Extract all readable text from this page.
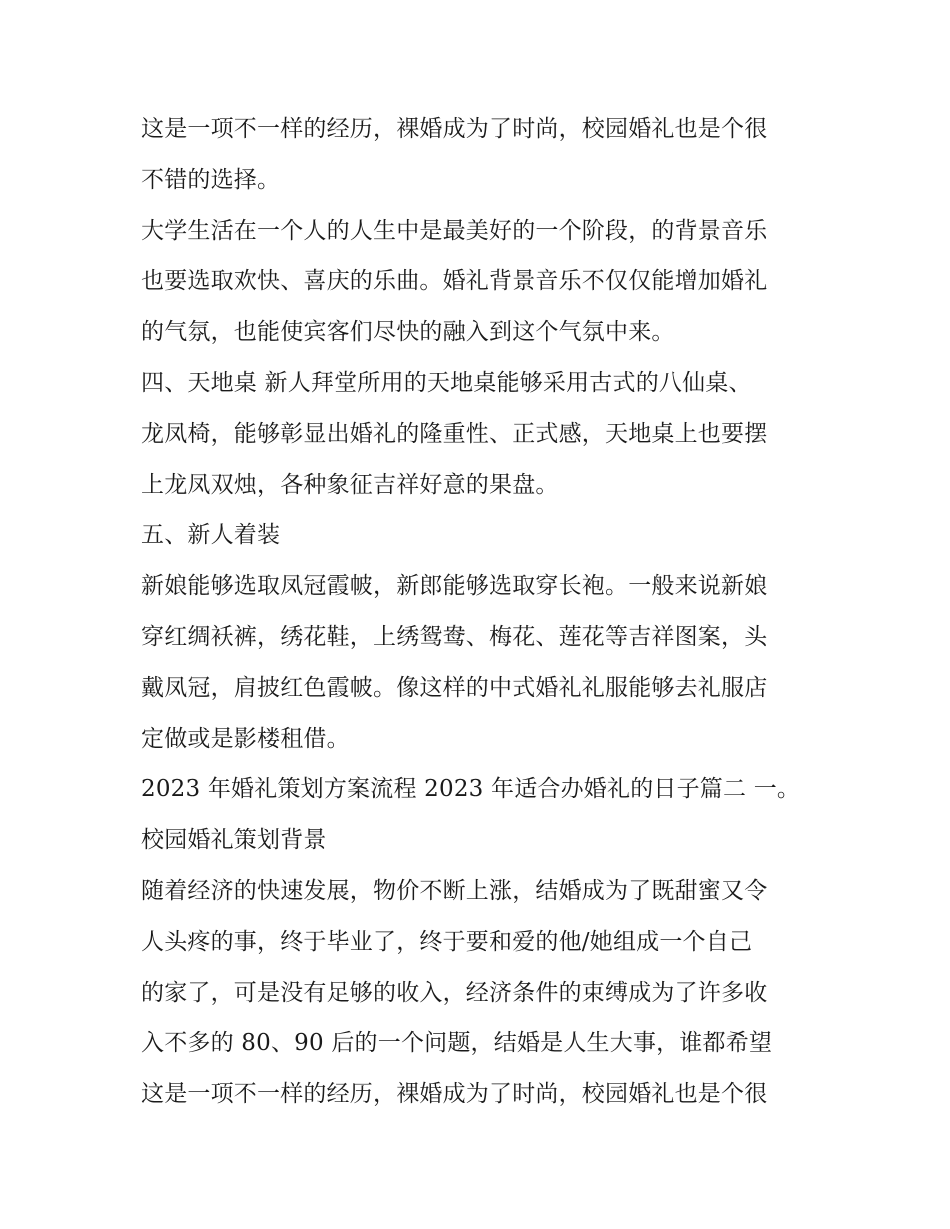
这是一项不一样的经历，裸婚成为了时尚，校园婚礼也是个很
不错的选择。
大学生活在一个人的人生中是最美好的一个阶段，的背景音乐
也要选取欢快、喜庆的乐曲。婚礼背景音乐不仅仅能增加婚礼
的气氛，也能使宾客们尽快的融入到这个气氛中来。
四、天地桌 新人拜堂所用的天地桌能够采用古式的八仙桌、
龙凤椅，能够彰显出婚礼的隆重性、正式感，天地桌上也要摆
上龙凤双烛，各种象征吉祥好意的果盘。
五、新人着装
新娘能够选取凤冠霞帔，新郎能够选取穿长袍。一般来说新娘
穿红绸袄裤，绣花鞋，上绣鸳鸯、梅花、莲花等吉祥图案，头
戴凤冠，肩披红色霞帔。像这样的中式婚礼礼服能够去礼服店
定做或是影楼租借。
2023 年婚礼策划方案流程 2023 年适合办婚礼的日子篇二 一。
校园婚礼策划背景
随着经济的快速发展，物价不断上涨，结婚成为了既甜蜜又令
人头疼的事，终于毕业了，终于要和爱的他/她组成一个自己
的家了，可是没有足够的收入，经济条件的束缚成为了许多收
入不多的 80、90 后的一个问题，结婚是人生大事，谁都希望
这是一项不一样的经历，裸婚成为了时尚，校园婚礼也是个很
